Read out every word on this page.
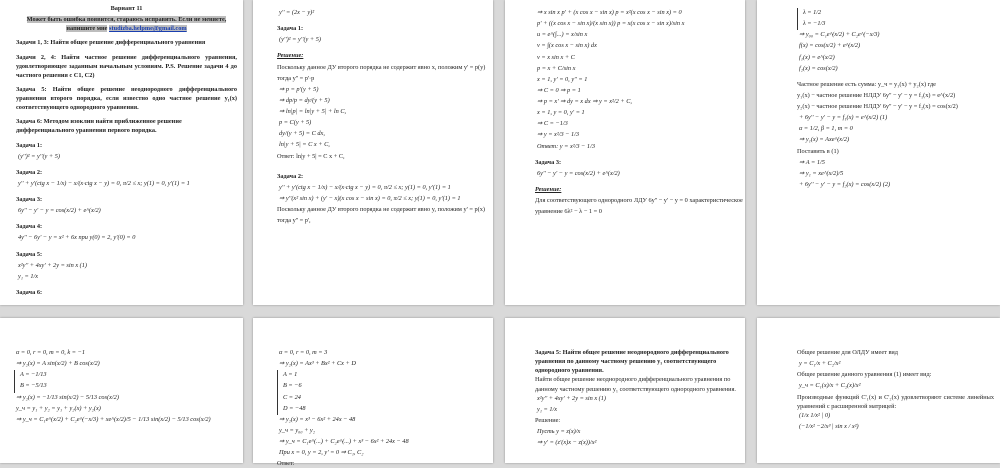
Вариант 11
Может быть ошибка появится, стараюсь исправить. Если не меняете,
напишите мне studizba.helpme@gmail.com
Задачи 1, 3: Найти общее решение дифференциального уравнения
Задачи 2, 4: Найти частное решение дифференциального уравнения, удовлетворяющее заданным начальным условиям. P.S. Решение задачи 4 до частного решения с C1, C2)
Задача 5: Найти общее решение неоднородного дифференциального уравнения второго порядка, если известно одно частное решение y₁(x) соответствующего однородного уравнения.
Задача 6: Методом изоклин найти приближенное решение дифференциального уравнения первого порядка.
Задача 1:
(y'')² = y''(y + 5)
Задача 2:
y'' + y'(ctg x − 1/x) − x/(x·ctg x − y) = 0, π/2 ≤ x; y(1) = 0, y'(1) = 1
Задача 3:
6y'' − y' − y = cos(x/2) + e^(x/2)
Задача 4:
4y'' − 6y' − y = x² + 6x при y(0) = 2, y'(0) = 0
Задача 5:
x²y'' + 4xy' + 2y = sin x (1)
y₁ = 1/x
Задача 6:
y'' = (2x − y)²
Задача 1:
(y'')² = y''(y + 5)
Решение:
Поскольку данное ДУ второго порядка не содержит явно x, положим y' = p(y)
тогда y'' = p'·p
⇒ p = p'(y + 5)
⇒ dp/p = dy/(y + 5)
⇒ ln|p| = ln|y + 5| + ln C,
p = C(y + 5)
dy/(y + 5) = C dx,
ln|y + 5| = C x + C,
Ответ: ln|y + 5| = C x + C,
Задача 2:
y'' + y'(ctg x − 1/x) − x/(x·ctg x − y) = 0, π/2 ≤ x; y(1) = 0, y'(1) = 1
⇒ y''(x² sin x) + (y' − x)(x cos x − sin x) = 0, π/2 ≤ x; y(1) = 0, y'(1) = 1
Поскольку данное ДУ второго порядка не содержит явно y, положим y' = p(x)
тогда y'' = p',
⇒ x sin x p' + (x cos x − sin x) p = x²(x cos x − sin x) = 0
p' + ((x cos x − sin x)/(x sin x)) p = x(x cos x − sin x)/sin x
u = e^(∫...) = x/sin x
v = ∫(x cos x − sin x) dx
v = x sin x + C
p = x + C/sin x
x = 1, y' = 0, y'' = 1
⇒ C = 0 ⇒ p = 1
⇒ p = x' ⇒ dy = x dx ⇒ y = x²/2 + C,
x = 1, y = 0, y' = 1
⇒ C = −1/3
⇒ y = x²/3 − 1/3
Ответ: y = x²/3 − 1/3
Задача 3:
6y'' − y' − y = cos(x/2) + e^(x/2)
Решение:
Для соответствующего однородного ЛДУ 6y'' − y' − y = 0 характеристическое
уравнение 6λ² − λ − 1 = 0
λ = 1/2
λ = −1/3
⇒ y₀₀ = C₁e^(x/2) + C₂e^(−x/3)
f(x) = cos(x/2) + e^(x/2)
f₁(x) = e^(x/2)
f₂(x) = cos(x/2)
Частное решение есть сумма: y_ч = y₁(x) + y₂(x) где
y₁(x) − частное решение НЛДУ 6y'' − y' − y = f₁(x) = e^(x/2)
y₂(x) − частное решение НЛДУ 6y'' − y' − y = f₂(x) = cos(x/2)
+ 6y'' − y' − y = f₁(x) = e^(x/2) (1)
α = 1/2, β = 1, m = 0
⇒ y₁(x) = Axe^(x/2)
Поставить в (1)
⇒ A = 1/5
⇒ y₁ = xe^(x/2)/5
+ 6y'' − y' − y = f₂(x) = cos(x/2) (2)
α = 0, r = 0, m = 0, k = −1
⇒ y₂(x) = A sin(x/2) + B cos(x/2)
A = −1/13
B = −5/13
⇒ y₂(x) = −1/13 sin(x/2) − 5/13 cos(x/2)
y_ч = y₁ + y₂ = y₁ + y₂(x) + y₂(x)
⇒ y_ч = C₁e^(x/2) + C₂e^(−x/3) + xe^(x/2)/5 − 1/13 sin(x/2) − 5/13 cos(x/2)
α = 0, r = 0, m = 3
⇒ y₂(x) = Ax³ + Bx² + Cx + D
A = 1
B = −6
C = 24
D = −48
⇒ y₂(x) = x³ − 6x² + 24x − 48
y_ч = y₀₀ + y₂
⇒ y_ч = C₁e^(...) + C₂e^(...) + x³ − 6x² + 24x − 48
При x = 0, y = 2, y' = 0 ⇒ C₁, C₂
Ответ:
Задача 5: Найти общее решение неоднородного дифференциального уравнения по данному частному решению y₁ соответствующего однородного уравнения.
Найти общее решение неоднородного дифференциального уравнения по данному частному решению y₁ соответствующего однородного уравнения.
x²y'' + 4xy' + 2y = sin x (1)
y₁ = 1/x
Решение:
Пусть y = z(x)/x
⇒ y' = (z'(x)x − z(x))/x²
Общее решение для ОЛДУ имеет вид
y = C₁/x + C₂/x²
Общее решение данного уравнения (1) имеет вид:
y_ч = C₁(x)/x + C₂(x)/x²
Производные функций C'₁(x) и C'₂(x) удовлетворяют системе линейных уравнений с расширенной матрицей:
(1/x 1/x² | 0)
(−1/x² −2/x³ | sin x / x²)
